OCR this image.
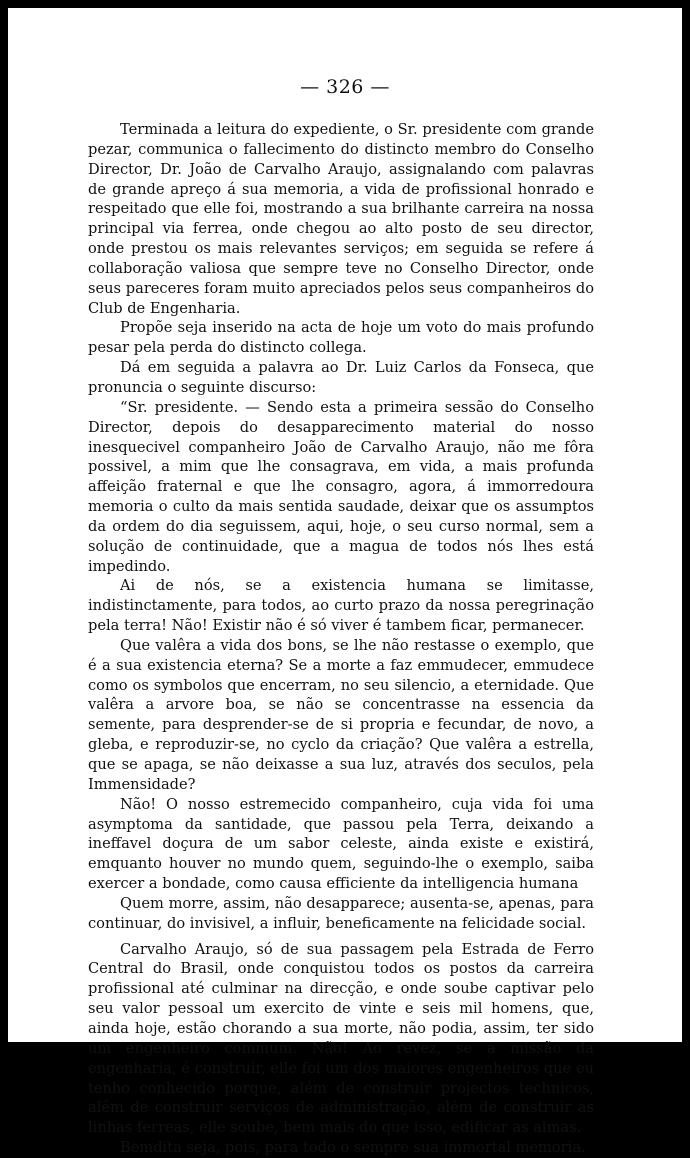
— 326 —

Terminada a leitura do expediente, o Sr. presidente com grande pezar, communica o fallecimento do distincto membro do Conselho Director, Dr. João de Carvalho Araujo, assignalando com palavras de grande apreço á sua memoria, a vida de profissional honrado e respeitado que elle foi, mostrando a sua brilhante carreira na nossa principal via ferrea, onde chegou ao alto posto de seu director, onde prestou os mais relevantes serviços; em seguida se refere á collaboração valiosa que sempre teve no Conselho Director, onde seus pareceres foram muito apreciados pelos seus companheiros do Club de Engenharia.

Propõe seja inserido na acta de hoje um voto do mais profundo pesar pela perda do distincto collega.

Dá em seguida a palavra ao Dr. Luiz Carlos da Fonseca, que pronuncia o seguinte discurso:

“Sr. presidente. — Sendo esta a primeira sessão do Conselho Director, depois do desapparecimento material do nosso inesquecivel companheiro João de Carvalho Araujo, não me fôra possivel, a mim que lhe consagrava, em vida, a mais profunda affeição fraternal e que lhe consagro, agora, á immorredoura memoria o culto da mais sentida saudade, deixar que os assumptos da ordem do dia seguissem, aqui, hoje, o seu curso normal, sem a solução de continuidade, que a magua de todos nós lhes está impedindo.

Ai de nós, se a existencia humana se limitasse, indistinctamente, para todos, ao curto prazo da nossa peregrinação pela terra! Não! Existir não é só viver é tambem ficar, permanecer.

Que valêra a vida dos bons, se lhe não restasse o exemplo, que é a sua existencia eterna? Se a morte a faz emmudecer, emmudece como os symbolos que encerram, no seu silencio, a eternidade. Que valêra a arvore boa, se não se concentrasse na essencia da semente, para desprender-se de si propria e fecundar, de novo, a gleba, e reproduzir-se, no cyclo da criação? Que valêra a estrella, que se apaga, se não deixasse a sua luz, através dos seculos, pela Immensidade?

Não! O nosso estremecido companheiro, cuja vida foi uma asymptoma da santidade, que passou pela Terra, deixando a ineffavel doçura de um sabor celeste, ainda existe e existirá, emquanto houver no mundo quem, seguindo-lhe o exemplo, saiba exercer a bondade, como causa efficiente da intelligencia humana

Quem morre, assim, não desapparece; ausenta-se, apenas, para continuar, do invisivel, a influir, beneficamente na felicidade social.

Carvalho Araujo, só de sua passagem pela Estrada de Ferro Central do Brasil, onde conquistou todos os postos da carreira profissional até culminar na direcção, e onde soube captivar pelo seu valor pessoal um exercito de vinte e seis mil homens, que, ainda hoje, estão chorando a sua morte, não podia, assim, ter sido um engenheiro commum. Não! Ao revez, se a missão da engenharia, é construir, elle foi um dos maiores engenheiros que eu tenho conhecido porque, além de construir projectos technicos, além de construir serviços de administração, além de construir as linhas ferreas, elle soube, bem mais do que isso, edificar as almas.

Bemdita seja, pois, para todo o sempre sua immortal memoria.
